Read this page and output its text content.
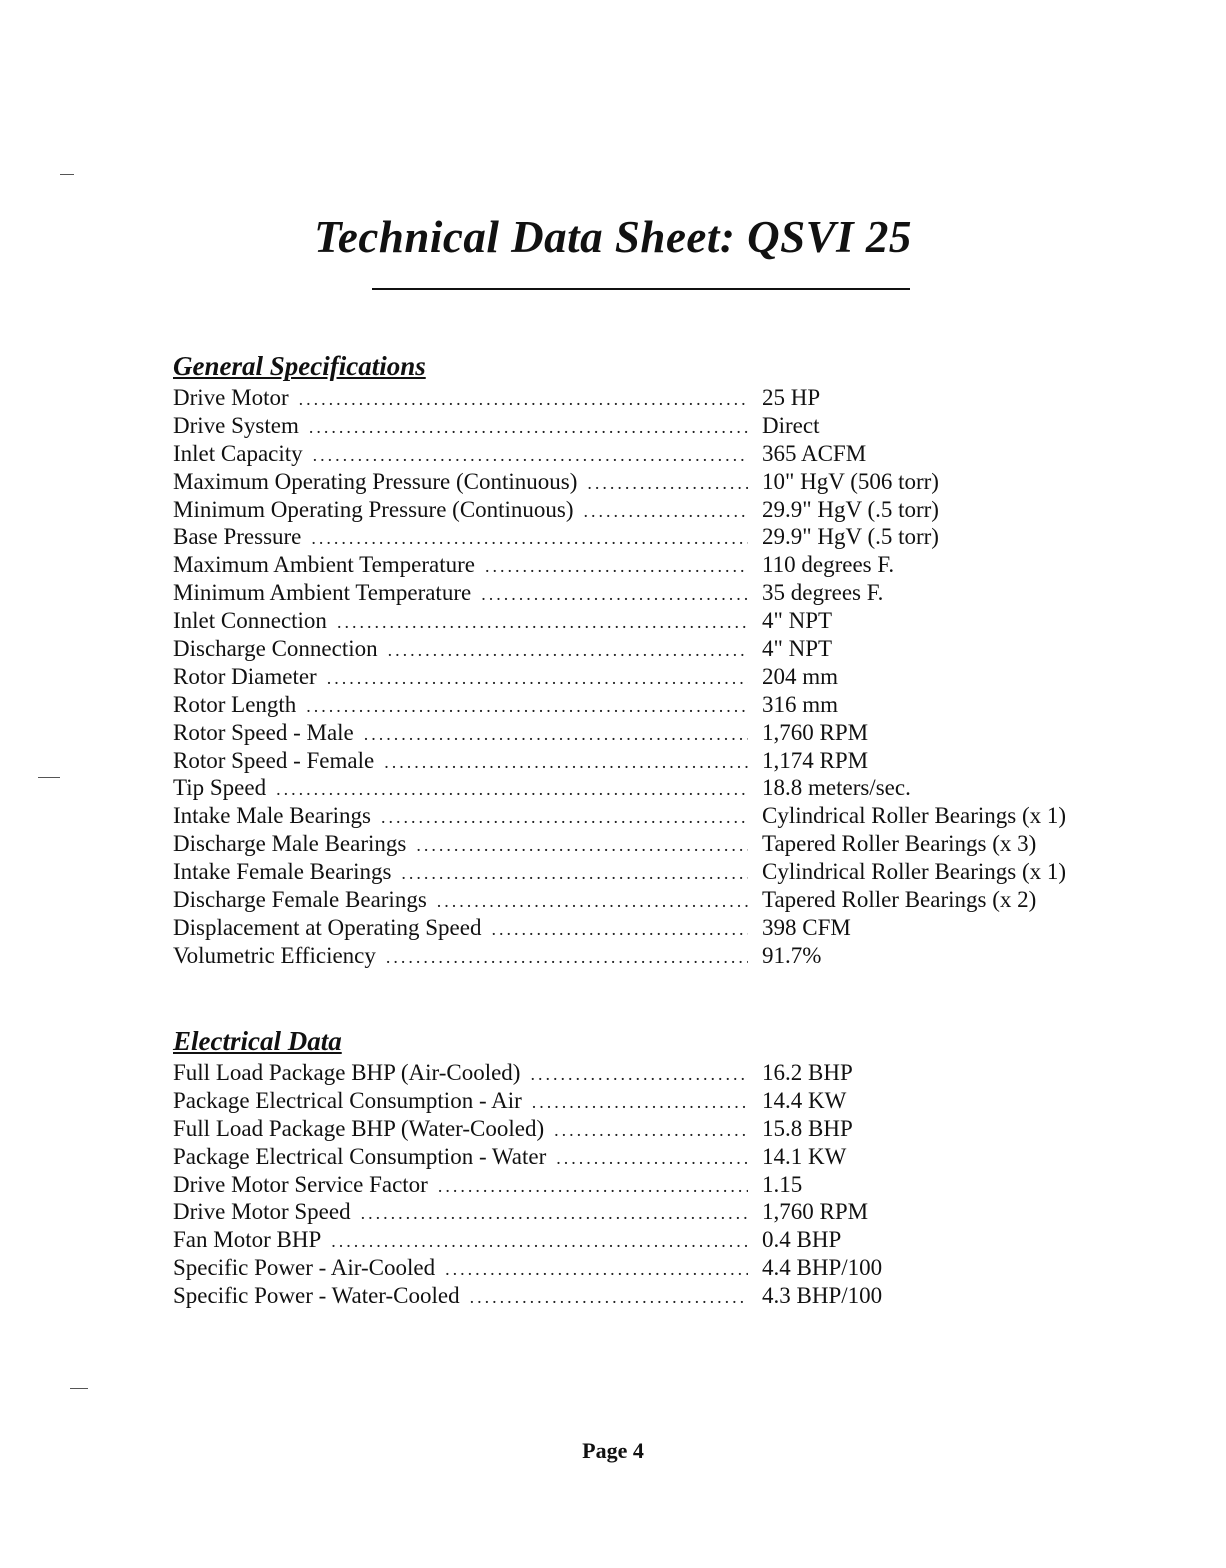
Technical Data Sheet: QSVI 25
General Specifications
Drive Motor .....	25 HP
Drive System .....	Direct
Inlet Capacity .....	365 ACFM
Maximum Operating Pressure (Continuous) .....	10" HgV (506 torr)
Minimum Operating Pressure (Continuous) .....	29.9" HgV (.5 torr)
Base Pressure .....	29.9" HgV (.5 torr)
Maximum Ambient Temperature .....	110 degrees F.
Minimum Ambient Temperature .....	35 degrees F.
Inlet Connection .....	4" NPT
Discharge Connection .....	4" NPT
Rotor Diameter .....	204 mm
Rotor Length .....	316 mm
Rotor Speed - Male .....	1,760 RPM
Rotor Speed - Female .....	1,174 RPM
Tip Speed .....	18.8 meters/sec.
Intake Male Bearings .....	Cylindrical Roller Bearings (x 1)
Discharge Male Bearings .....	Tapered Roller Bearings (x 3)
Intake Female Bearings .....	Cylindrical Roller Bearings (x 1)
Discharge Female Bearings .....	Tapered Roller Bearings (x 2)
Displacement at Operating Speed .....	398 CFM
Volumetric Efficiency .....	91.7%
Electrical Data
Full Load Package BHP (Air-Cooled) .....	16.2 BHP
Package Electrical Consumption - Air .....	14.4 KW
Full Load Package BHP (Water-Cooled) .....	15.8 BHP
Package Electrical Consumption - Water .....	14.1 KW
Drive Motor Service Factor .....	1.15
Drive Motor Speed .....	1,760 RPM
Fan Motor BHP .....	0.4 BHP
Specific Power - Air-Cooled .....	4.4 BHP/100
Specific Power - Water-Cooled .....	4.3 BHP/100

Page 4
